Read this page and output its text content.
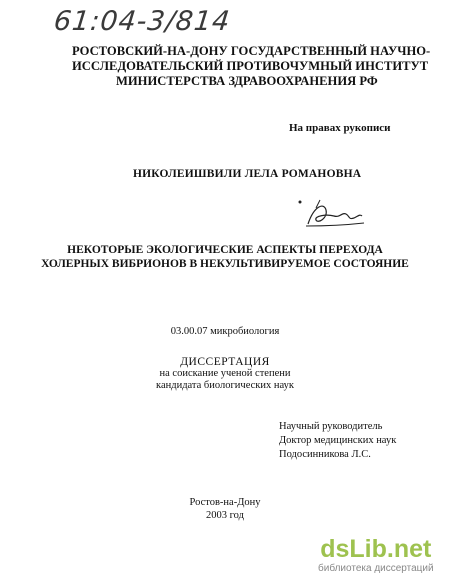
61:04-3/814
РОСТОВСКИЙ-НА-ДОНУ ГОСУДАРСТВЕННЫЙ НАУЧНО-
ИССЛЕДОВАТЕЛЬСКИЙ ПРОТИВОЧУМНЫЙ ИНСТИТУТ
МИНИСТЕРСТВА ЗДРАВООХРАНЕНИЯ РФ
На правах рукописи
НИКОЛЕИШВИЛИ ЛЕЛА РОМАНОВНА
НЕКОТОРЫЕ ЭКОЛОГИЧЕСКИЕ АСПЕКТЫ ПЕРЕХОДА
ХОЛЕРНЫХ ВИБРИОНОВ В НЕКУЛЬТИВИРУЕМОЕ СОСТОЯНИЕ
03.00.07 микробиология
ДИССЕРТАЦИЯ
на соискание ученой степени
кандидата биологических наук
Научный руководитель
Доктор медицинских наук
Подосинникова Л.С.
Ростов-на-Дону
2003 год
dsLib.net
библиотека диссертаций
